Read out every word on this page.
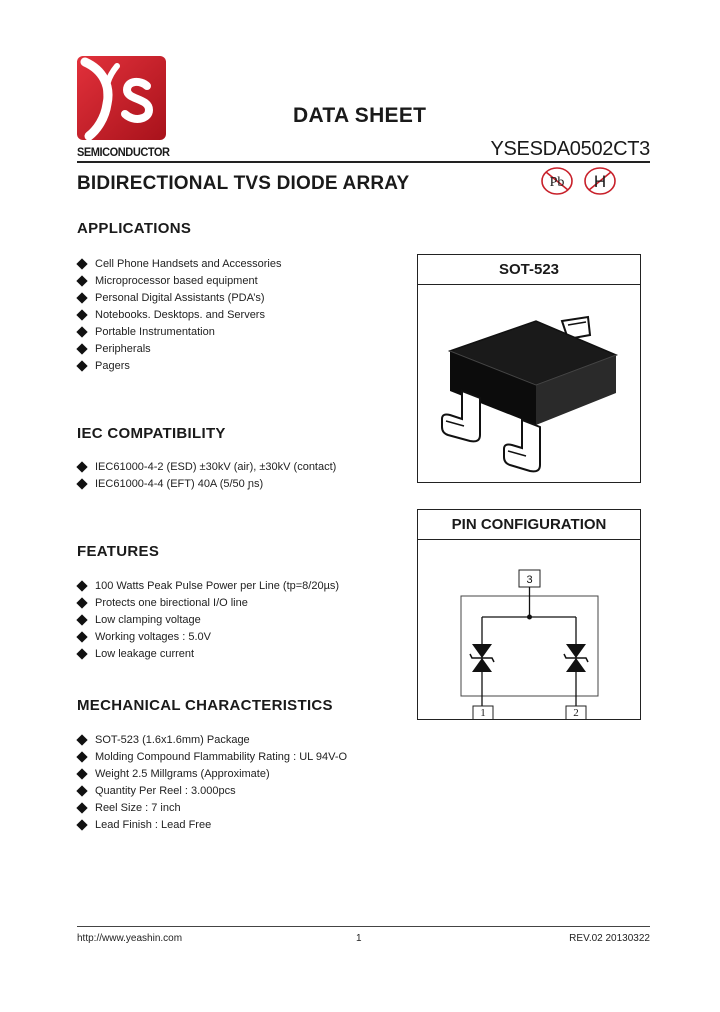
SEMICONDUCTOR
DATA SHEET
YSESDA0502CT3
BIDIRECTIONAL TVS DIODE ARRAY	Pb H
APPLICATIONS
Cell Phone Handsets and Accessories
Microprocessor based equipment
Personal Digital Assistants (PDA’s)
Notebooks. Desktops. and Servers
Portable Instrumentation
Peripherals
Pagers
IEC COMPATIBILITY
IEC61000-4-2 (ESD) ±30kV (air), ±30kV (contact)
IEC61000-4-4 (EFT) 40A (5/50 ɲs)
FEATURES
100 Watts Peak Pulse Power per Line (tp=8/20µs)
Protects one birectional I/O line
Low clamping voltage
Working voltages : 5.0V
Low leakage current
MECHANICAL CHARACTERISTICS
SOT-523 (1.6x1.6mm) Package
Molding Compound Flammability Rating : UL 94V-O
Weight 2.5 Millgrams (Approximate)
Quantity Per Reel : 3.000pcs
Reel Size : 7 inch
Lead Finish : Lead Free
SOT-523
PIN CONFIGURATION
3
1	2
http://www.yeashin.com	1	REV.02 20130322
